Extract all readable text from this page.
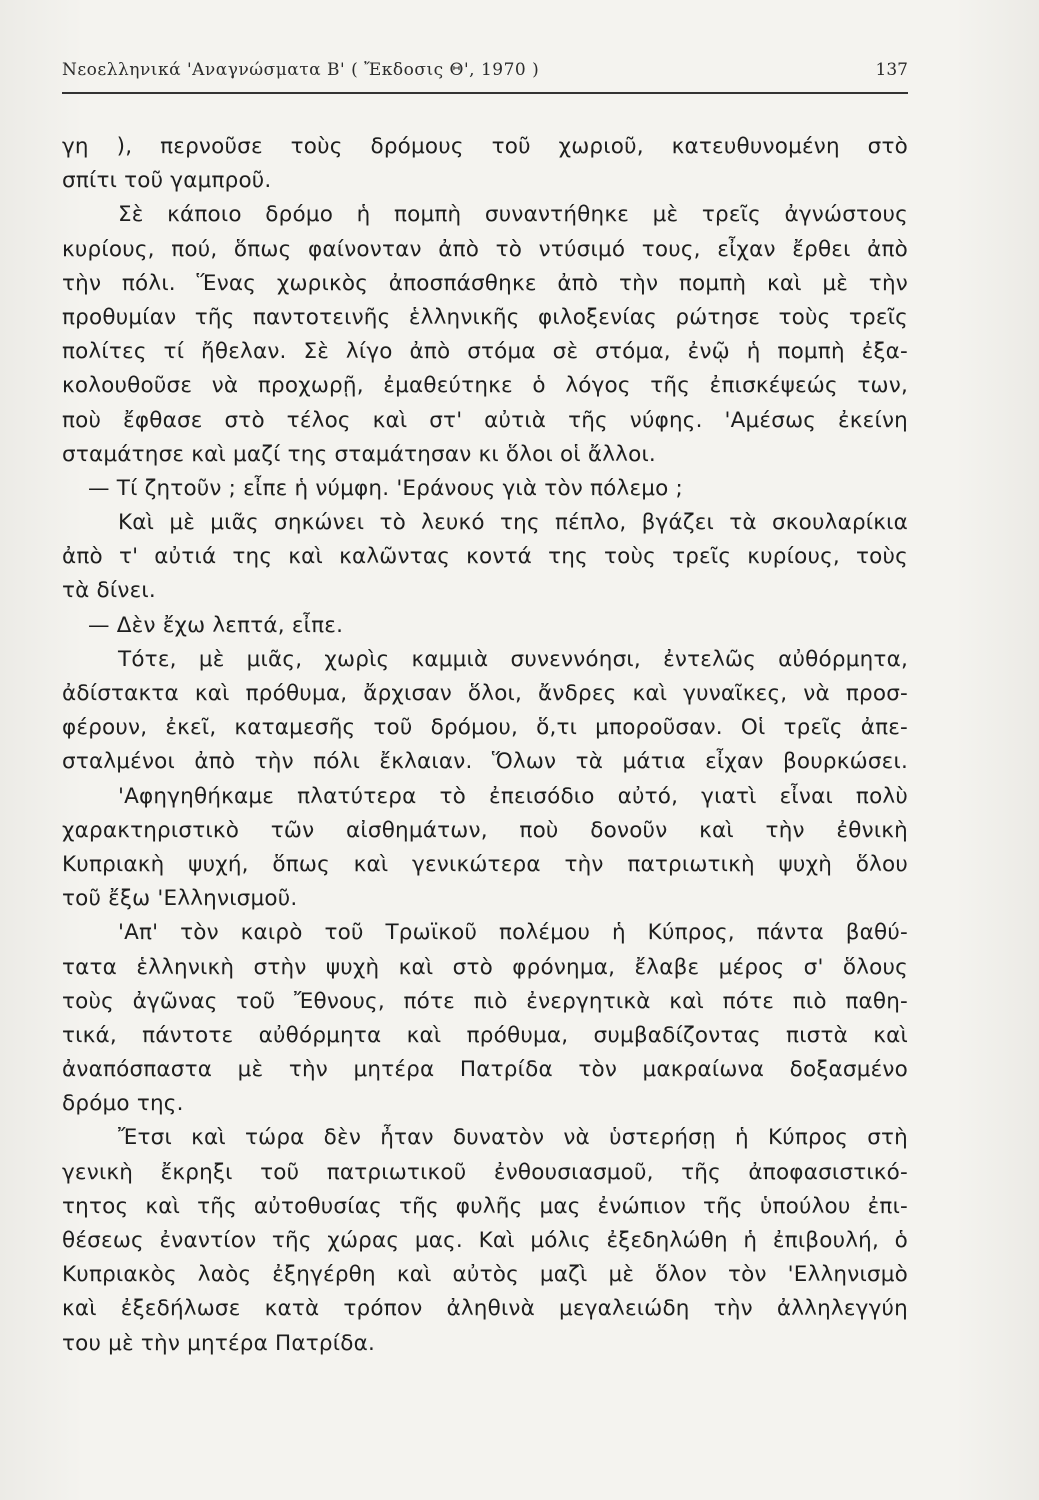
Νεοελληνικά 'Αναγνώσματα Β' ( Ἔκδοσις Θ', 1970 )	137
γη ), περνοῦσε τοὺς δρόμους τοῦ χωριοῦ, κατευθυνομένη στὸ
σπίτι τοῦ γαμπροῦ.
Σὲ κάποιο δρόμο ἡ πομπὴ συναντήθηκε μὲ τρεῖς ἀγνώστους
κυρίους, πού, ὅπως φαίνονταν ἀπὸ τὸ ντύσιμό τους, εἶχαν ἔρθει ἀπὸ
τὴν πόλι. Ἕνας χωρικὸς ἀποσπάσθηκε ἀπὸ τὴν πομπὴ καὶ μὲ τὴν
προθυμίαν τῆς παντοτεινῆς ἑλληνικῆς φιλοξενίας ρώτησε τοὺς τρεῖς
πολίτες τί ἤθελαν. Σὲ λίγο ἀπὸ στόμα σὲ στόμα, ἐνῷ ἡ πομπὴ ἐξα-
κολουθοῦσε νὰ προχωρῇ, ἐμαθεύτηκε ὁ λόγος τῆς ἐπισκέψεώς των,
ποὺ ἔφθασε στὸ τέλος καὶ στ' αὐτιὰ τῆς νύφης. 'Αμέσως ἐκείνη
σταμάτησε καὶ μαζί της σταμάτησαν κι ὅλοι οἱ ἄλλοι.
— Τί ζητοῦν ; εἶπε ἡ νύμφη. 'Εράνους γιὰ τὸν πόλεμο ;
Καὶ μὲ μιᾶς σηκώνει τὸ λευκό της πέπλο, βγάζει τὰ σκουλαρίκια
ἀπὸ τ' αὐτιά της καὶ καλῶντας κοντά της τοὺς τρεῖς κυρίους, τοὺς
τὰ δίνει.
— Δὲν ἔχω λεπτά, εἶπε.
Τότε, μὲ μιᾶς, χωρὶς καμμιὰ συνεννόησι, ἐντελῶς αὐθόρμητα,
ἀδίστακτα καὶ πρόθυμα, ἄρχισαν ὅλοι, ἄνδρες καὶ γυναῖκες, νὰ προσ-
φέρουν, ἐκεῖ, καταμεσῆς τοῦ δρόμου, ὅ,τι μποροῦσαν. Οἱ τρεῖς ἀπε-
σταλμένοι ἀπὸ τὴν πόλι ἔκλαιαν. Ὅλων τὰ μάτια εἶχαν βουρκώσει.
'Αφηγηθήκαμε πλατύτερα τὸ ἐπεισόδιο αὐτό, γιατὶ εἶναι πολὺ
χαρακτηριστικὸ τῶν αἰσθημάτων, ποὺ δονοῦν καὶ τὴν ἐθνικὴ
Κυπριακὴ ψυχή, ὅπως καὶ γενικώτερα τὴν πατριωτικὴ ψυχὴ ὅλου
τοῦ ἔξω 'Ελληνισμοῦ.
'Απ' τὸν καιρὸ τοῦ Τρωϊκοῦ πολέμου ἡ Κύπρος, πάντα βαθύ-
τατα ἑλληνικὴ στὴν ψυχὴ καὶ στὸ φρόνημα, ἔλαβε μέρος σ' ὅλους
τοὺς ἀγῶνας τοῦ Ἔθνους, πότε πιὸ ἐνεργητικὰ καὶ πότε πιὸ παθη-
τικά, πάντοτε αὐθόρμητα καὶ πρόθυμα, συμβαδίζοντας πιστὰ καὶ
ἀναπόσπαστα μὲ τὴν μητέρα Πατρίδα τὸν μακραίωνα δοξασμένο
δρόμο της.
Ἔτσι καὶ τώρα δὲν ἦταν δυνατὸν νὰ ὑστερήσῃ ἡ Κύπρος στὴ
γενικὴ ἔκρηξι τοῦ πατριωτικοῦ ἐνθουσιασμοῦ, τῆς ἀποφασιστικό-
τητος καὶ τῆς αὐτοθυσίας τῆς φυλῆς μας ἐνώπιον τῆς ὑπούλου ἐπι-
θέσεως ἐναντίον τῆς χώρας μας. Καὶ μόλις ἐξεδηλώθη ἡ ἐπιβουλή, ὁ
Κυπριακὸς λαὸς ἐξηγέρθη καὶ αὐτὸς μαζὶ μὲ ὅλον τὸν 'Ελληνισμὸ
καὶ ἐξεδήλωσε κατὰ τρόπον ἀληθινὰ μεγαλειώδη τὴν ἀλληλεγγύη
του μὲ τὴν μητέρα Πατρίδα.
